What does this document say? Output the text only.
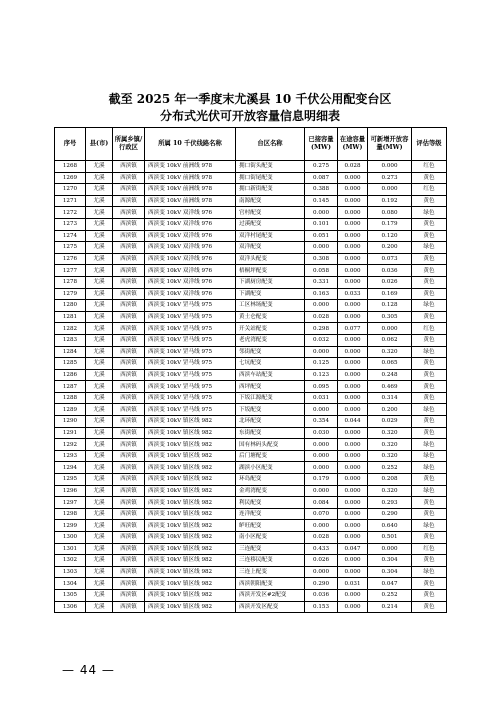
截至 2025 年一季度末尤溪县 10 千伏公用配变台区
分布式光伏可开放容量信息明细表
序号	县(市)	所属乡镇/行政区	所属 10 千伏线路名称	台区名称	已接容量(MW)	在途容量(MW)	可新增开放容量(MW)	评估等级
1268	尤溪	西滨镇	西滨变 10kV 前洲线 978	拥口街头配变	0.275	0.028	0.000	红色
1269	尤溪	西滨镇	西滨变 10kV 前洲线 978	拥口街尾配变	0.087	0.000	0.273	黄色
1270	尤溪	西滨镇	西滨变 10kV 前洲线 978	拥口新街配变	0.388	0.000	0.000	红色
1271	尤溪	西滨镇	西滨变 10kV 前洲线 978	南源配变	0.145	0.000	0.192	黄色
1272	尤溪	西滨镇	西滨变 10kV 双洋线 976	官村配变	0.000	0.000	0.080	绿色
1273	尤溪	西滨镇	西滨变 10kV 双洋线 976	过溪配变	0.101	0.000	0.179	黄色
1274	尤溪	西滨镇	西滨变 10kV 双洋线 976	双洋村尾配变	0.051	0.000	0.120	黄色
1275	尤溪	西滨镇	西滨变 10kV 双洋线 976	双洋配变	0.000	0.000	0.200	绿色
1276	尤溪	西滨镇	西滨变 10kV 双洋线 976	双洋头配变	0.308	0.000	0.073	黄色
1277	尤溪	西滨镇	西滨变 10kV 双洋线 976	梧桐坪配变	0.058	0.000	0.036	黄色
1278	尤溪	西滨镇	西滨变 10kV 双洋线 976	下湖厨房配变	0.331	0.000	0.026	黄色
1279	尤溪	西滨镇	西滨变 10kV 双洋线 976	下湖配变	0.163	0.033	0.169	黄色
1280	尤溪	西滨镇	西滨变 10kV 罡马线 975	工区林场配变	0.000	0.000	0.128	绿色
1281	尤溪	西滨镇	西滨变 10kV 罡马线 975	黄土仑配变	0.028	0.000	0.305	黄色
1282	尤溪	西滨镇	西滨变 10kV 罡马线 975	开关站配变	0.298	0.077	0.000	红色
1283	尤溪	西滨镇	西滨变 10kV 罡马线 975	老虎湾配变	0.032	0.000	0.062	黄色
1284	尤溪	西滨镇	西滨变 10kV 罡马线 975	邻街配变	0.000	0.000	0.320	绿色
1285	尤溪	西滨镇	西滨变 10kV 罡马线 975	七坑配变	0.125	0.000	0.065	黄色
1286	尤溪	西滨镇	西滨变 10kV 罡马线 975	西滨车站配变	0.123	0.000	0.248	黄色
1287	尤溪	西滨镇	西滨变 10kV 罡马线 975	西坪配变	0.095	0.000	0.469	黄色
1288	尤溪	西滨镇	西滨变 10kV 罡马线 975	下坂江源配变	0.031	0.000	0.314	黄色
1289	尤溪	西滨镇	西滨变 10kV 罡马线 975	下坂配变	0.000	0.000	0.200	绿色
1290	尤溪	西滨镇	西滨变 10kV 镇区线 982	北环配变	0.354	0.044	0.029	黄色
1291	尤溪	西滨镇	西滨变 10kV 镇区线 982	东街配变	0.030	0.000	0.320	黄色
1292	尤溪	西滨镇	西滨变 10kV 镇区线 982	国有林码头配变	0.000	0.000	0.320	绿色
1293	尤溪	西滨镇	西滨变 10kV 镇区线 982	后门塘配变	0.000	0.000	0.320	绿色
1294	尤溪	西滨镇	西滨变 10kV 镇区线 982	湖滨小区配变	0.000	0.000	0.252	绿色
1295	尤溪	西滨镇	西滨变 10kV 镇区线 982	环岛配变	0.179	0.000	0.208	黄色
1296	尤溪	西滨镇	西滨变 10kV 镇区线 982	金鸡湾配变	0.000	0.000	0.320	绿色
1297	尤溪	西滨镇	西滨变 10kV 镇区线 982	利民配变	0.084	0.000	0.293	黄色
1298	尤溪	西滨镇	西滨变 10kV 镇区线 982	连洋配变	0.070	0.000	0.290	黄色
1299	尤溪	西滨镇	西滨变 10kV 镇区线 982	鲈旺配变	0.000	0.000	0.640	绿色
1300	尤溪	西滨镇	西滨变 10kV 镇区线 982	南小区配变	0.028	0.000	0.501	黄色
1301	尤溪	西滨镇	西滨变 10kV 镇区线 982	三连配变	0.433	0.047	0.000	红色
1302	尤溪	西滨镇	西滨变 10kV 镇区线 982	三连移民配变	0.026	0.000	0.304	黄色
1303	尤溪	西滨镇	西滨变 10kV 镇区线 982	三连上配变	0.000	0.000	0.304	绿色
1304	尤溪	西滨镇	西滨变 10kV 镇区线 982	西滨朝阳配变	0.290	0.031	0.047	黄色
1305	尤溪	西滨镇	西滨变 10kV 镇区线 982	西滨开发区#2配变	0.036	0.000	0.252	黄色
1306	尤溪	西滨镇	西滨变 10kV 镇区线 982	西滨开发区配变	0.153	0.000	0.214	黄色
— 44 —
